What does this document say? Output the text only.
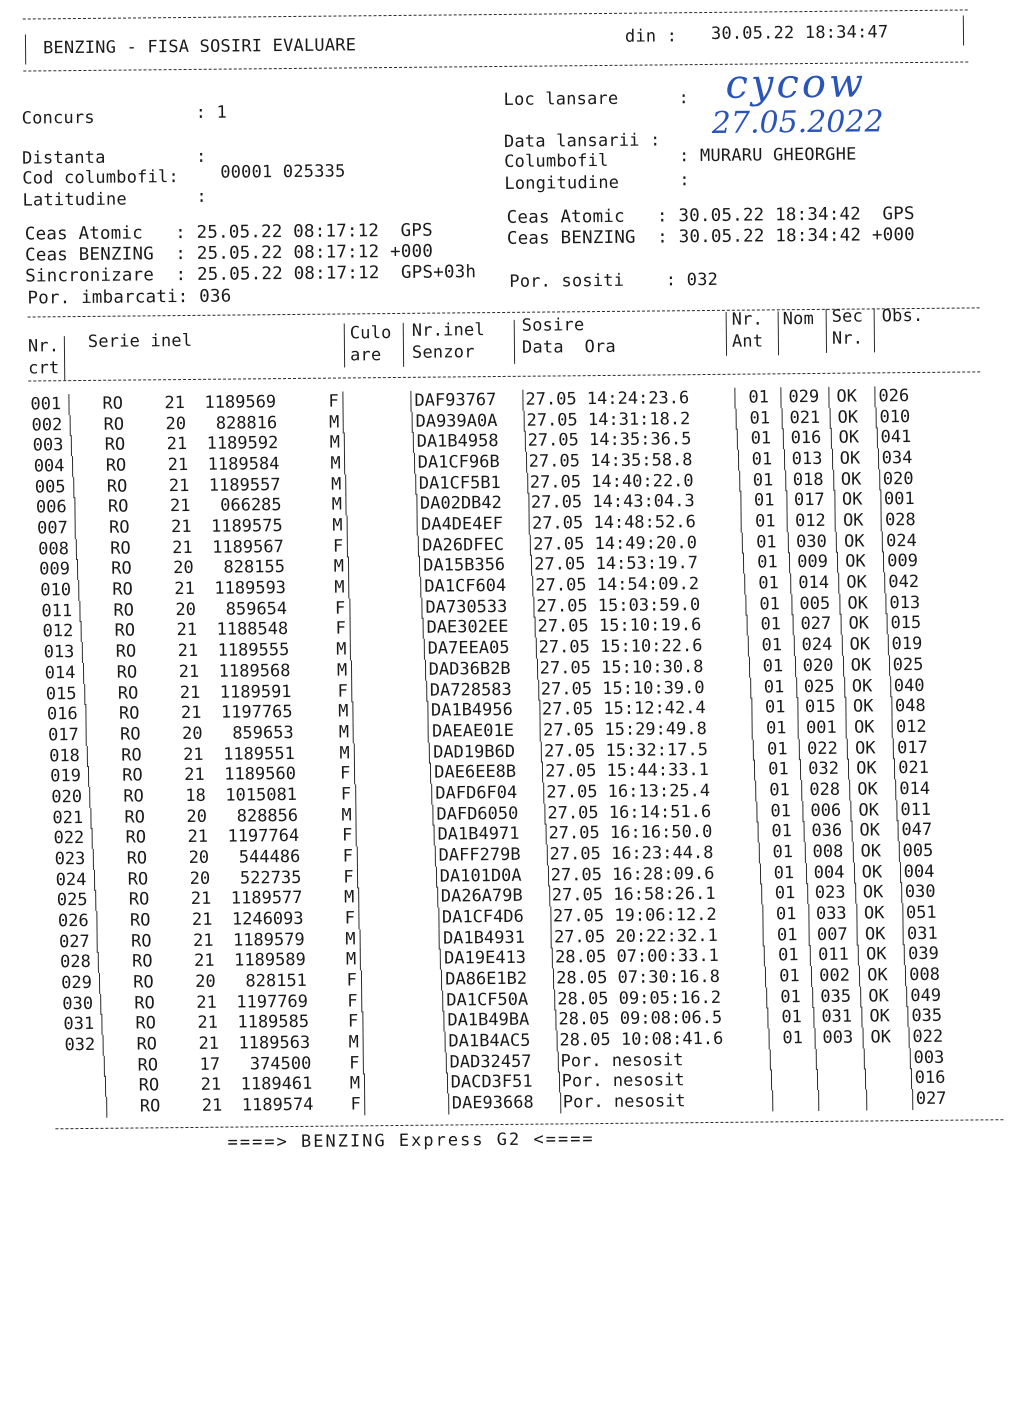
BENZING - FISA SOSIRI EVALUARE	din : 30.05.22 18:34:47
Concurs	: 1
Loc lansare	: cycow
Data lansarii :
27.05.2022
Distanta	:	Columbofil	: MURARU GHEORGHE
Cod columbofil: 00001 025335
Longitudine	:
Latitudine	:
Ceas Atomic   : 25.05.22 08:17:12  GPS
Ceas BENZING  : 25.05.22 08:17:12 +000
Sincronizare  : 25.05.22 08:17:12  GPS+03h
Por. imbarcati: 036
Ceas Atomic   : 30.05.22 18:34:42  GPS
Ceas BENZING  : 30.05.22 18:34:42 +000
Por. sositi    : 032
Nr.
crt
Serie inel	Culo
are
Nr.inel
Senzor
Sosire
Data  Ora
Nr.
Ant
Nom Sec
Nr.
Obs.
001 RO 21 1189569	F	DAF93767 27.05 14:24:23.6	01 029 OK 026
002 RO 20 828816	M	DA939A0A 27.05 14:31:18.2	01 021 OK 010
003 RO 21 1189592	M	DA1B4958 27.05 14:35:36.5	01 016 OK 041
004 RO 21 1189584	M	DA1CF96B 27.05 14:35:58.8	01 013 OK 034
005 RO 21 1189557	M	DA1CF5B1 27.05 14:40:22.0	01 018 OK 020
006 RO 21 066285	M	DA02DB42 27.05 14:43:04.3	01 017 OK 001
007 RO 21 1189575	M	DA4DE4EF 27.05 14:48:52.6	01 012 OK 028
008 RO 21 1189567	F	DA26DFEC 27.05 14:49:20.0	01 030 OK 024
009 RO 20 828155	M	DA15B356 27.05 14:53:19.7	01 009 OK 009
010 RO 21 1189593	M	DA1CF604 27.05 14:54:09.2	01 014 OK 042
011 RO 20 859654	F	DA730533 27.05 15:03:59.0	01 005 OK 013
012 RO 21 1188548	F	DAE302EE 27.05 15:10:19.6	01 027 OK 015
013 RO 21 1189555	M	DA7EEA05 27.05 15:10:22.6	01 024 OK 019
014 RO 21 1189568	M	DAD36B2B 27.05 15:10:30.8	01 020 OK 025
015 RO 21 1189591	F	DA728583 27.05 15:10:39.0	01 025 OK 040
016 RO 21 1197765	M	DA1B4956 27.05 15:12:42.4	01 015 OK 048
017 RO 20 859653	M	DAEAE01E 27.05 15:29:49.8	01 001 OK 012
018 RO 21 1189551	M	DAD19B6D 27.05 15:32:17.5	01 022 OK 017
019 RO 21 1189560	F	DAE6EE8B 27.05 15:44:33.1	01 032 OK 021
020 RO 18 1015081	F	DAFD6F04 27.05 16:13:25.4	01 028 OK 014
021 RO 20 828856	M	DAFD6050 27.05 16:14:51.6	01 006 OK 011
022 RO 21 1197764	F	DA1B4971 27.05 16:16:50.0	01 036 OK 047
023 RO 20 544486 F	DAFF279B 27.05 16:23:44.8	01 008 OK 005
024 RO 20 522735 F	DA101D0A 27.05 16:28:09.6	01 004 OK 004
025 RO 21 1189577 M	DA26A79B 27.05 16:58:26.1	01 023 OK 030
026 RO 21 1246093 F	DA1CF4D6 27.05 19:06:12.2	01 033 OK 051
027 RO 21 1189579 M	DA1B4931 27.05 20:22:32.1	01 007 OK 031
028 RO 21 1189589 M	DA19E413 28.05 07:00:33.1	01 011 OK 039
029 RO 20 828151 F	DA86E1B2 28.05 07:30:16.8	01 002 OK 008
030 RO 21 1197769 F	DA1CF50A 28.05 09:05:16.2	01 035 OK 049
031 RO 21 1189585 F	DA1B49BA 28.05 09:08:06.5	01 031 OK 035
032 RO 21 1189563 M	DA1B4AC5 28.05 10:08:41.6	01 003 OK 022
RO 17 374500 F	DAD32457 Por. nesosit	003
RO 21 1189461 M	DACD3F51 Por. nesosit	016
RO 21 1189574 F	DAE93668 Por. nesosit	027
====> BENZING Express G2 <====
